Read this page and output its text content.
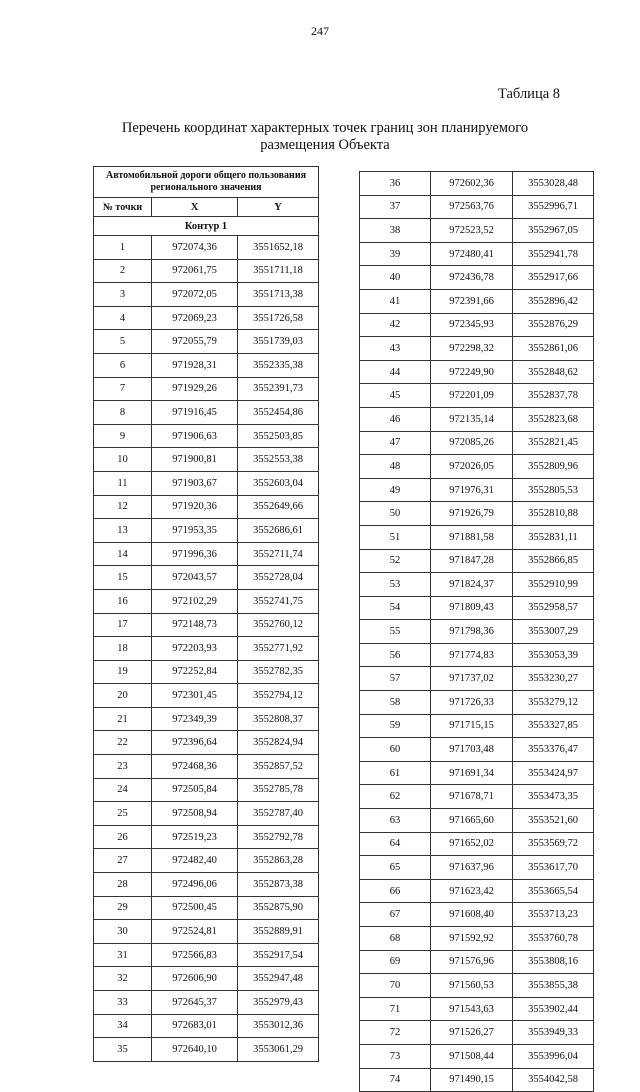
247
Таблица 8
Перечень координат характерных точек границ зон планируемого
размещения Объекта
Автомобильной дороги общего пользования регионального значения		
№ точки	X	Y
Контур 1		
1	972074,36	3551652,18
2	972061,75	3551711,18
3	972072,05	3551713,38
4	972069,23	3551726,58
5	972055,79	3551739,03
6	971928,31	3552335,38
7	971929,26	3552391,73
8	971916,45	3552454,86
9	971906,63	3552503,85
10	971900,81	3552553,38
11	971903,67	3552603,04
12	971920,36	3552649,66
13	971953,35	3552686,61
14	971996,36	3552711,74
15	972043,57	3552728,04
16	972102,29	3552741,75
17	972148,73	3552760,12
18	972203,93	3552771,92
19	972252,84	3552782,35
20	972301,45	3552794,12
21	972349,39	3552808,37
22	972396,64	3552824,94
23	972468,36	3552857,52
24	972505,84	3552785,78
25	972508,94	3552787,40
26	972519,23	3552792,78
27	972482,40	3552863,28
28	972496,06	3552873,38
29	972500,45	3552875,90
30	972524,81	3552889,91
31	972566,83	3552917,54
32	972606,90	3552947,48
33	972645,37	3552979,43
34	972683,01	3553012,36
35	972640,10	3553061,29
36	972602,36	3553028,48
37	972563,76	3552996,71
38	972523,52	3552967,05
39	972480,41	3552941,78
40	972436,78	3552917,66
41	972391,66	3552896,42
42	972345,93	3552876,29
43	972298,32	3552861,06
44	972249,90	3552848,62
45	972201,09	3552837,78
46	972135,14	3552823,68
47	972085,26	3552821,45
48	972026,05	3552809,96
49	971976,31	3552805,53
50	971926,79	3552810,88
51	971881,58	3552831,11
52	971847,28	3552866,85
53	971824,37	3552910,99
54	971809,43	3552958,57
55	971798,36	3553007,29
56	971774,83	3553053,39
57	971737,02	3553230,27
58	971726,33	3553279,12
59	971715,15	3553327,85
60	971703,48	3553376,47
61	971691,34	3553424,97
62	971678,71	3553473,35
63	971665,60	3553521,60
64	971652,02	3553569,72
65	971637,96	3553617,70
66	971623,42	3553665,54
67	971608,40	3553713,23
68	971592,92	3553760,78
69	971576,96	3553808,16
70	971560,53	3553855,38
71	971543,63	3553902,44
72	971526,27	3553949,33
73	971508,44	3553996,04
74	971490,15	3554042,58
